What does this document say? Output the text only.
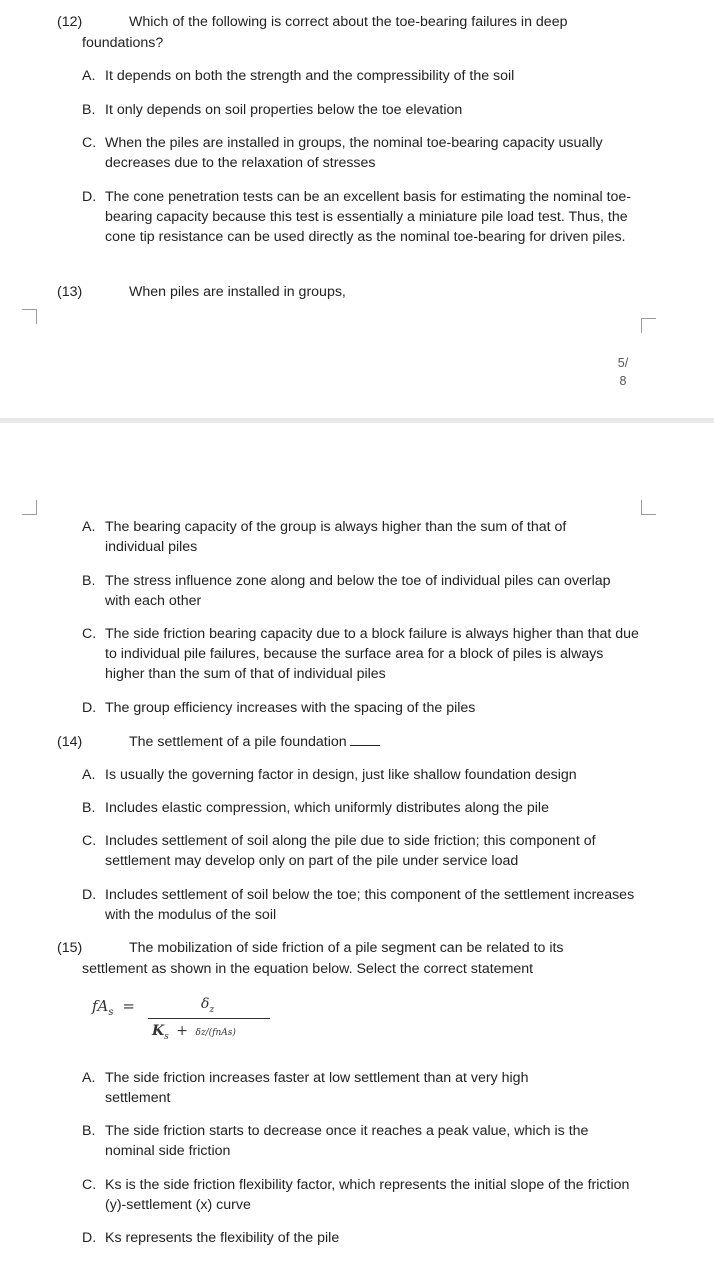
(12)	Which of the following is correct about the toe-bearing failures in deep
foundations?
A. It depends on both the strength and the compressibility of the soil
B. It only depends on soil properties below the toe elevation
C. When the piles are installed in groups, the nominal toe-bearing capacity usually decreases due to the relaxation of stresses
D. The cone penetration tests can be an excellent basis for estimating the nominal toe-bearing capacity because this test is essentially a miniature pile load test. Thus, the cone tip resistance can be used directly as the nominal toe-bearing for driven piles.
(13)	When piles are installed in groups,
5/
8
A. The bearing capacity of the group is always higher than the sum of that of individual piles
B. The stress influence zone along and below the toe of individual piles can overlap with each other
C. The side friction bearing capacity due to a block failure is always higher than that due to individual pile failures, because the surface area for a block of piles is always higher than the sum of that of individual piles
D. The group efficiency increases with the spacing of the piles
(14)	The settlement of a pile foundation
A. Is usually the governing factor in design, just like shallow foundation design
B. Includes elastic compression, which uniformly distributes along the pile
C. Includes settlement of soil along the pile due to side friction; this component of settlement may develop only on part of the pile under service load
D. Includes settlement of soil below the toe; this component of the settlement increases with the modulus of the soil
(15)	The mobilization of side friction of a pile segment can be related to its
settlement as shown in the equation below. Select the correct statement
$fA_s$ =	$\delta_z$
$K_s$ + δz/(fnAs)
A. The side friction increases faster at low settlement than at very high settlement
B. The side friction starts to decrease once it reaches a peak value, which is the nominal side friction
C. Ks is the side friction flexibility factor, which represents the initial slope of the friction (y)-settlement (x) curve
D. Ks represents the flexibility of the pile
